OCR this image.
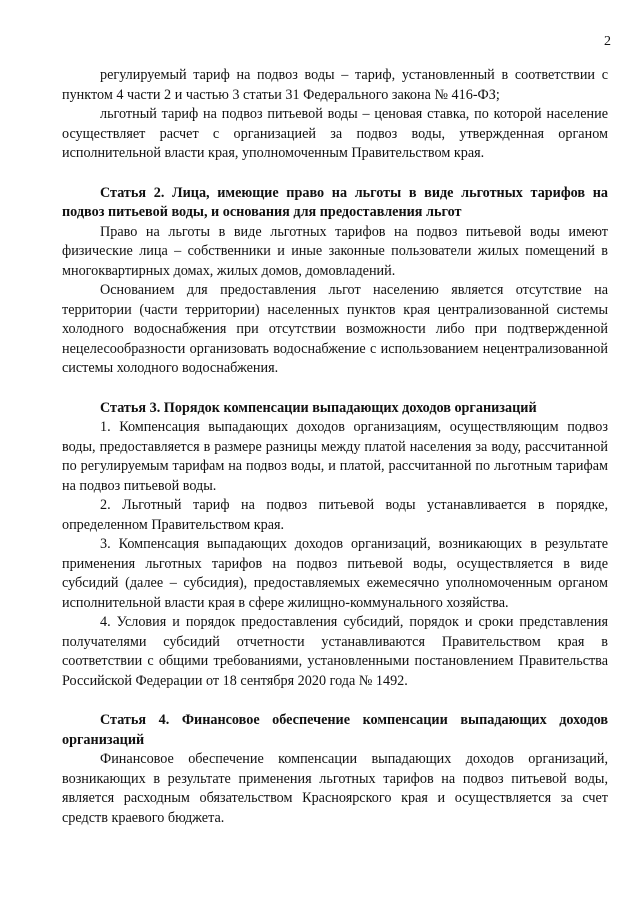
2

регулируемый тариф на подвоз воды – тариф, установленный в соответствии с пунктом 4 части 2 и частью 3 статьи 31 Федерального закона № 416-ФЗ;

льготный тариф на подвоз питьевой воды – ценовая ставка, по которой население осуществляет расчет с организацией за подвоз воды, утвержденная органом исполнительной власти края, уполномоченным Правительством края.

Статья 2. Лица, имеющие право на льготы в виде льготных тарифов на подвоз питьевой воды, и основания для предоставления льгот

Право на льготы в виде льготных тарифов на подвоз питьевой воды имеют физические лица – собственники и иные законные пользователи жилых помещений в многоквартирных домах, жилых домов, домовладений.

Основанием для предоставления льгот населению является отсутствие на территории (части территории) населенных пунктов края централизованной системы холодного водоснабжения при отсутствии возможности либо при подтвержденной нецелесообразности организовать водоснабжение с использованием нецентрализованной системы холодного водоснабжения.

Статья 3. Порядок компенсации выпадающих доходов организаций

1. Компенсация выпадающих доходов организациям, осуществляющим подвоз воды, предоставляется в размере разницы между платой населения за воду, рассчитанной по регулируемым тарифам на подвоз воды, и платой, рассчитанной по льготным тарифам на подвоз питьевой воды.

2. Льготный тариф на подвоз питьевой воды устанавливается в порядке, определенном Правительством края.

3. Компенсация выпадающих доходов организаций, возникающих в результате применения льготных тарифов на подвоз питьевой воды, осуществляется в виде субсидий (далее – субсидия), предоставляемых ежемесячно уполномоченным органом исполнительной власти края в сфере жилищно-коммунального хозяйства.

4. Условия и порядок предоставления субсидий, порядок и сроки представления получателями субсидий отчетности устанавливаются Правительством края в соответствии с общими требованиями, установленными постановлением Правительства Российской Федерации от 18 сентября 2020 года № 1492.

Статья 4. Финансовое обеспечение компенсации выпадающих доходов организаций

Финансовое обеспечение компенсации выпадающих доходов организаций, возникающих в результате применения льготных тарифов на подвоз питьевой воды, является расходным обязательством Красноярского края и осуществляется за счет средств краевого бюджета.
